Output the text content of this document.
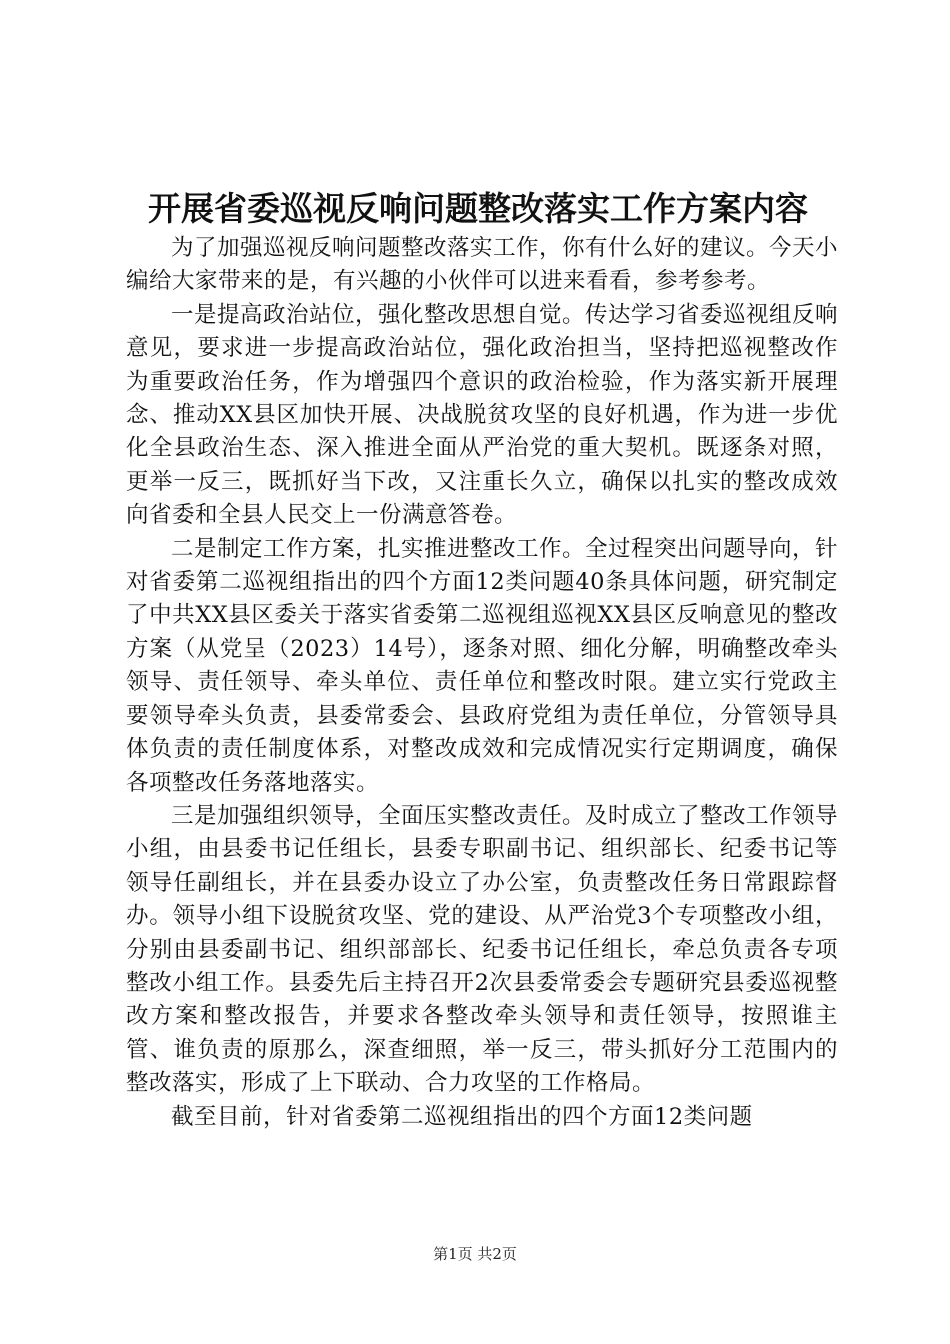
开展省委巡视反响问题整改落实工作方案内容

为了加强巡视反响问题整改落实工作，你有什么好的建议。今天小编给大家带来的是，有兴趣的小伙伴可以进来看看，参考参考。

一是提高政治站位，强化整改思想自觉。传达学习省委巡视组反响意见，要求进一步提高政治站位，强化政治担当，坚持把巡视整改作为重要政治任务，作为增强四个意识的政治检验，作为落实新开展理念、推动XX县区加快开展、决战脱贫攻坚的良好机遇，作为进一步优化全县政治生态、深入推进全面从严治党的重大契机。既逐条对照，更举一反三，既抓好当下改，又注重长久立，确保以扎实的整改成效向省委和全县人民交上一份满意答卷。

二是制定工作方案，扎实推进整改工作。全过程突出问题导向，针对省委第二巡视组指出的四个方面12类问题40条具体问题，研究制定了中共XX县区委关于落实省委第二巡视组巡视XX县区反响意见的整改方案（从党呈（2023）14号），逐条对照、细化分解，明确整改牵头领导、责任领导、牵头单位、责任单位和整改时限。建立实行党政主要领导牵头负责，县委常委会、县政府党组为责任单位，分管领导具体负责的责任制度体系，对整改成效和完成情况实行定期调度，确保各项整改任务落地落实。

三是加强组织领导，全面压实整改责任。及时成立了整改工作领导小组，由县委书记任组长，县委专职副书记、组织部长、纪委书记等领导任副组长，并在县委办设立了办公室，负责整改任务日常跟踪督办。领导小组下设脱贫攻坚、党的建设、从严治党3个专项整改小组，分别由县委副书记、组织部部长、纪委书记任组长，牵总负责各专项整改小组工作。县委先后主持召开2次县委常委会专题研究县委巡视整改方案和整改报告，并要求各整改牵头领导和责任领导，按照谁主管、谁负责的原那么，深查细照，举一反三，带头抓好分工范围内的整改落实，形成了上下联动、合力攻坚的工作格局。

截至目前，针对省委第二巡视组指出的四个方面12类问题

第1页 共2页
